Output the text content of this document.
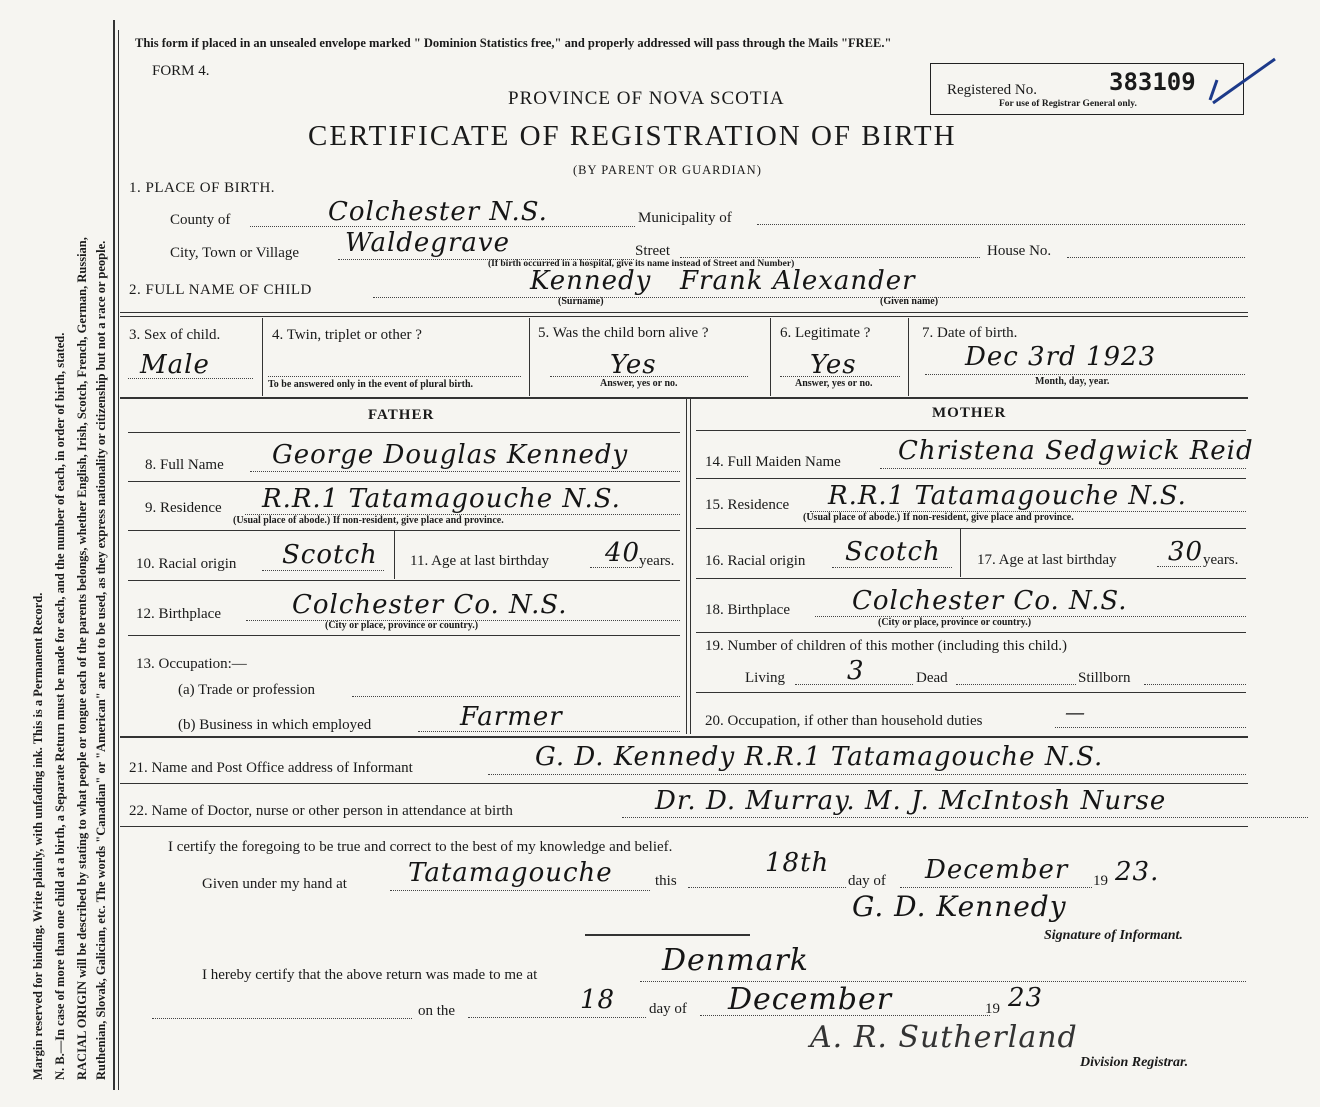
Margin reserved for binding. Write plainly, with unfading ink. This is a Permanent Record. N. B.—In case of more than one child at a birth, a Separate Return must be made for each, and the number of each, in order of birth, stated. RACIAL ORIGIN will be described by stating to what people or tongue each of the parents belongs, whether English, Irish, Scotch, French, German, Russian, Ruthenian, Slovak, Galician, etc. The words "Canadian" or "American" are not to be used, as they express nationality or citizenship but not a race or people.
This form if placed in an unsealed envelope marked " Dominion Statistics free," and properly addressed will pass through the Mails "FREE."
FORM 4.
PROVINCE OF NOVA SCOTIA
CERTIFICATE OF REGISTRATION OF BIRTH
(BY PARENT OR GUARDIAN)
Registered No.	383109
For use of Registrar General only.
1. PLACE OF BIRTH.
County of	Colchester N.S.	Municipality of
City, Town or Village Waldegrave	Street	House No.
(If birth occurred in a hospital, give its name instead of Street and Number)
2. FULL NAME OF CHILD	Kennedy Frank Alexander
(Surname)	(Given name)
3. Sex of child.
Male
4. Twin, triplet or other ?
To be answered only in the event of plural birth.
5. Was the child born alive ?
Yes
Answer, yes or no.
6. Legitimate ?
Yes
Answer, yes or no.
7. Date of birth.
Dec 3rd 1923
Month, day, year.
FATHER
8. Full Name George Douglas Kennedy
9. Residence R.R.1 Tatamagouche N.S.
(Usual place of abode.) If non-resident, give place and province.
10. Racial origin Scotch 11. Age at last birthday 40
years.
12. Birthplace	Colchester Co. N.S.
(City or place, province or country.)
13. Occupation:—
(a) Trade or profession
(b) Business in which employed	Farmer
MOTHER
14. Full Maiden Name Christena Sedgwick Reid
15. Residence R.R.1 Tatamagouche N.S.
(Usual place of abode.) If non-resident, give place and province.
16. Racial origin Scotch 17. Age at last birthday 30 years.
18. Birthplace Colchester Co. N.S.
(City or place, province or country.)
19. Number of children of this mother (including this child.)
Living 3	Dead	Stillborn
20. Occupation, if other than household duties	—
21. Name and Post Office address of Informant	G. D. Kennedy R.R.1 Tatamagouche N.S.
22. Name of Doctor, nurse or other person in attendance at birth	Dr. D. Murray. M. J. McIntosh Nurse
I certify the foregoing to be true and correct to the best of my knowledge and belief.
Given under my hand at Tatamagouche	this
18th
day of December 19 23.
G. D. Kennedy
Signature of Informant.
I hereby certify that the above return was made to me at	Denmark
on the	18 day of December	19 23
A. R. Sutherland
Division Registrar.
